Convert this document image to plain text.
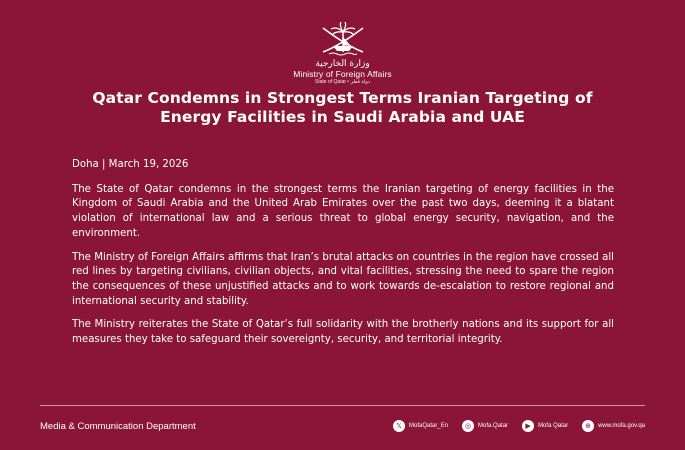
وزارة الخارجية
Ministry of Foreign Affairs
State of Qatar • دولة قطر
Qatar Condemns in Strongest Terms Iranian Targeting of Energy Facilities in Saudi Arabia and UAE
Doha | March 19, 2026

The State of Qatar condemns in the strongest terms the Iranian targeting of energy facilities in the Kingdom of Saudi Arabia and the United Arab Emirates over the past two days, deeming it a blatant violation of international law and a serious threat to global energy security, navigation, and the environment.

The Ministry of Foreign Affairs affirms that Iran’s brutal attacks on countries in the region have crossed all red lines by targeting civilians, civilian objects, and vital facilities, stressing the need to spare the region the consequences of these unjustified attacks and to work towards de-escalation to restore regional and international security and stability.

The Ministry reiterates the State of Qatar’s full solidarity with the brotherly nations and its support for all measures they take to safeguard their sovereignty, security, and territorial integrity.

Media & Communication Department	𝕏	MofaQatar_En	◎	Mofa.Qatar	▶	Mofa Qatar	⊕	www.mofa.gov.qa
